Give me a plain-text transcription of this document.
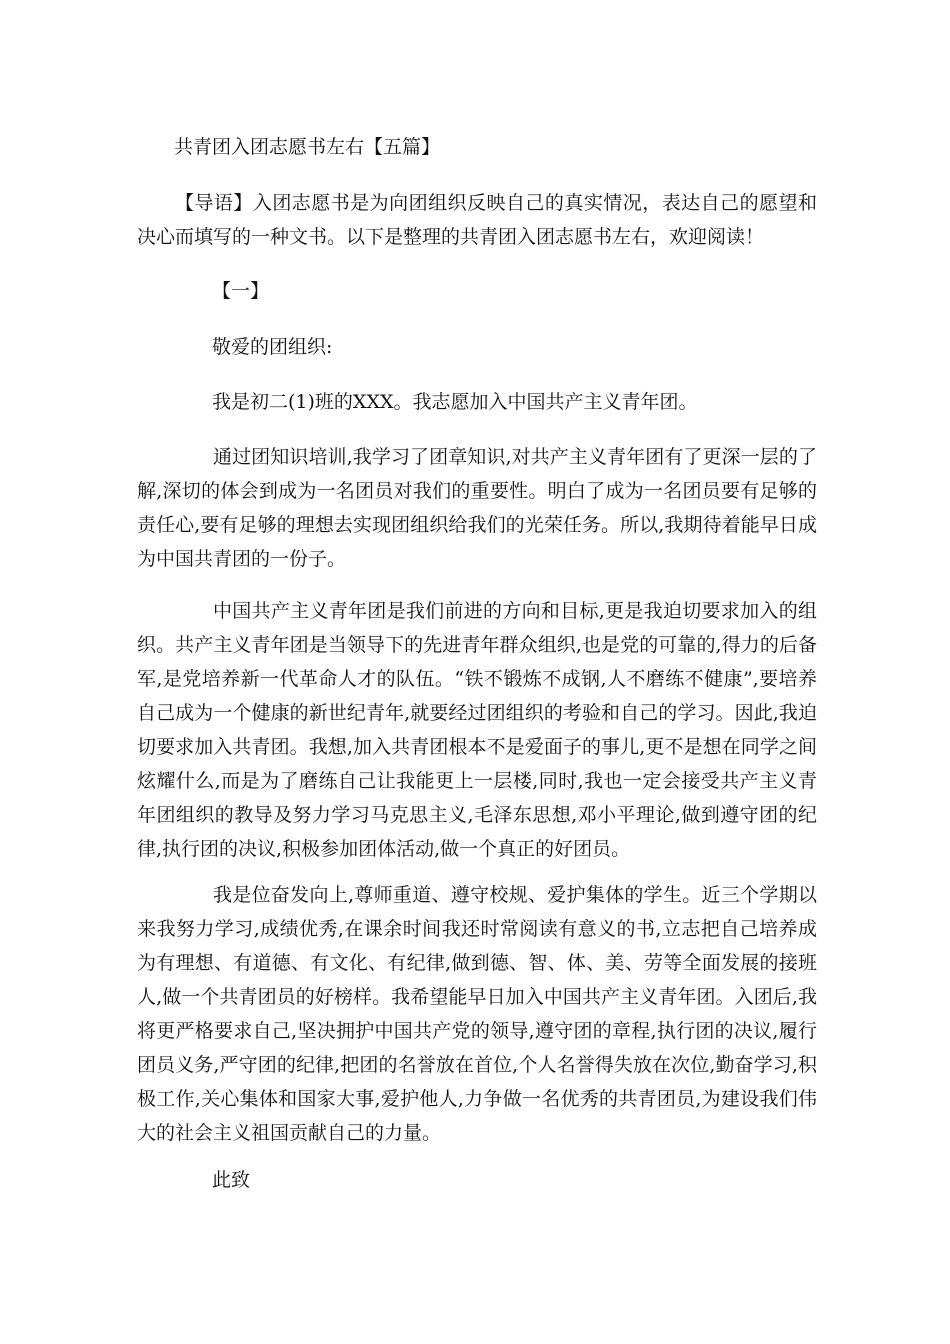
共青团入团志愿书左右【五篇】

【导语】入团志愿书是为向团组织反映自己的真实情况，表达自己的愿望和决心而填写的一种文书。以下是整理的共青团入团志愿书左右，欢迎阅读！

【一】

敬爱的团组织:

我是初二(1)班的XXX。我志愿加入中国共产主义青年团。

通过团知识培训,我学习了团章知识,对共产主义青年团有了更深一层的了解,深切的体会到成为一名团员对我们的重要性。明白了成为一名团员要有足够的责任心,要有足够的理想去实现团组织给我们的光荣任务。所以,我期待着能早日成为中国共青团的一份子。

中国共产主义青年团是我们前进的方向和目标,更是我迫切要求加入的组织。共产主义青年团是当领导下的先进青年群众组织,也是党的可靠的,得力的后备军,是党培养新一代革命人才的队伍。“铁不锻炼不成钢,人不磨练不健康”,要培养自己成为一个健康的新世纪青年,就要经过团组织的考验和自己的学习。因此,我迫切要求加入共青团。我想,加入共青团根本不是爱面子的事儿,更不是想在同学之间炫耀什么,而是为了磨练自己让我能更上一层楼,同时,我也一定会接受共产主义青年团组织的教导及努力学习马克思主义,毛泽东思想,邓小平理论,做到遵守团的纪律,执行团的决议,积极参加团体活动,做一个真正的好团员。

我是位奋发向上,尊师重道、遵守校规、爱护集体的学生。近三个学期以来我努力学习,成绩优秀,在课余时间我还时常阅读有意义的书,立志把自己培养成为有理想、有道德、有文化、有纪律,做到德、智、体、美、劳等全面发展的接班人,做一个共青团员的好榜样。我希望能早日加入中国共产主义青年团。入团后,我将更严格要求自己,坚决拥护中国共产党的领导,遵守团的章程,执行团的决议,履行团员义务,严守团的纪律,把团的名誉放在首位,个人名誉得失放在次位,勤奋学习,积极工作,关心集体和国家大事,爱护他人,力争做一名优秀的共青团员,为建设我们伟大的社会主义祖国贡献自己的力量。

此致
